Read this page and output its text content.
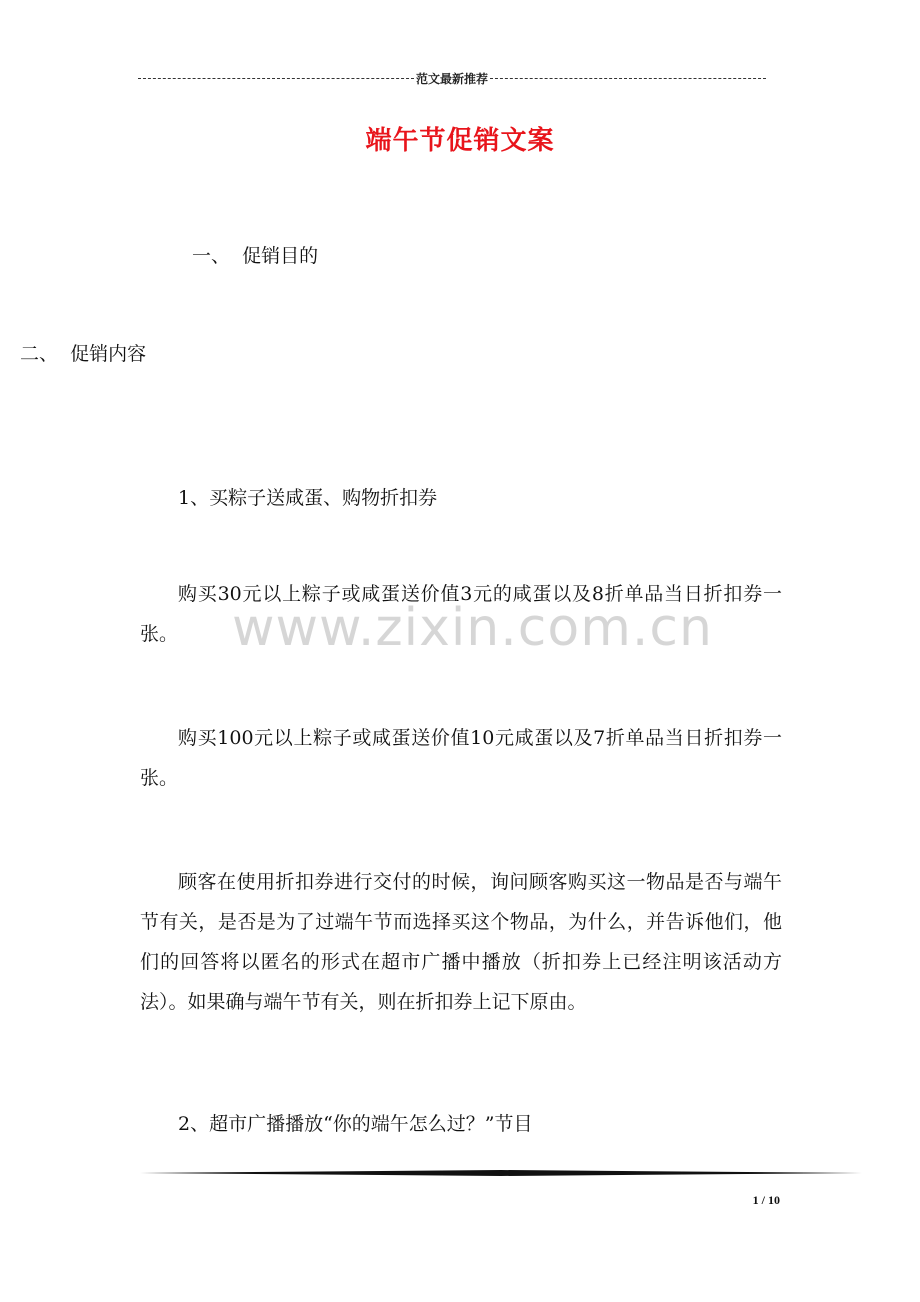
范文最新推荐
端午节促销文案
一、  促销目的
二、  促销内容
1、买粽子送咸蛋、购物折扣券
购买30元以上粽子或咸蛋送价值3元的咸蛋以及8折单品当日折扣券一张。
购买100元以上粽子或咸蛋送价值10元咸蛋以及7折单品当日折扣券一张。
顾客在使用折扣券进行交付的时候，询问顾客购买这一物品是否与端午节有关，是否是为了过端午节而选择买这个物品，为什么，并告诉他们，他们的回答将以匿名的形式在超市广播中播放（折扣券上已经注明该活动方法）。如果确与端午节有关，则在折扣券上记下原由。
2、超市广播播放“你的端午怎么过？”节目
www.zixin.com.cn
1 / 10
